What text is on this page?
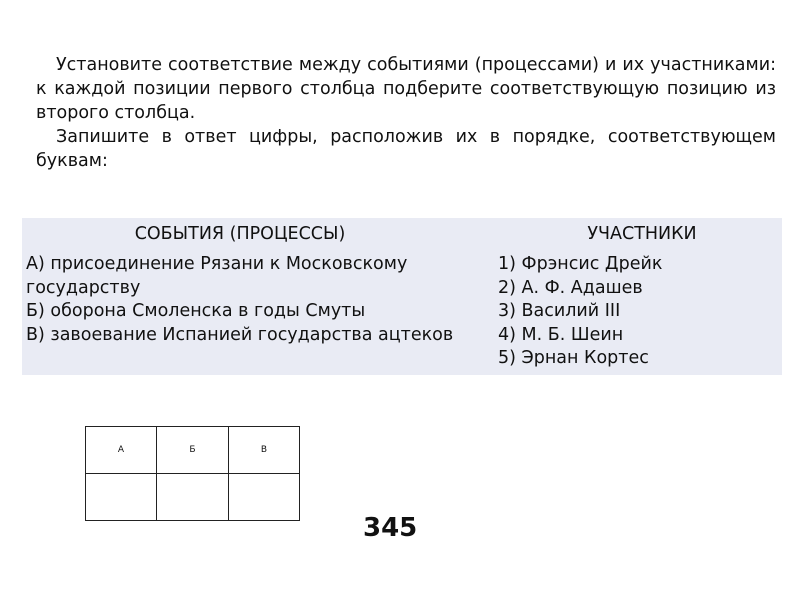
Установите соответствие между событиями (процессами) и их участниками: к каждой позиции первого столбца подберите соответствующую позицию из второго столбца.

Запишите в ответ цифры, расположив их в порядке, соответствующем буквам:

СОБЫТИЯ (ПРОЦЕССЫ)	УЧАСТНИКИ
А) присоединение Рязани к Московскому государству
Б) оборона Смоленска в годы Смуты
В) завоевание Испанией государства ацтеков
1) Фрэнсис Дрейк
2) А. Ф. Адашев
3) Василий III
4) М. Б. Шеин
5) Эрнан Кортес
А	Б	В

345
